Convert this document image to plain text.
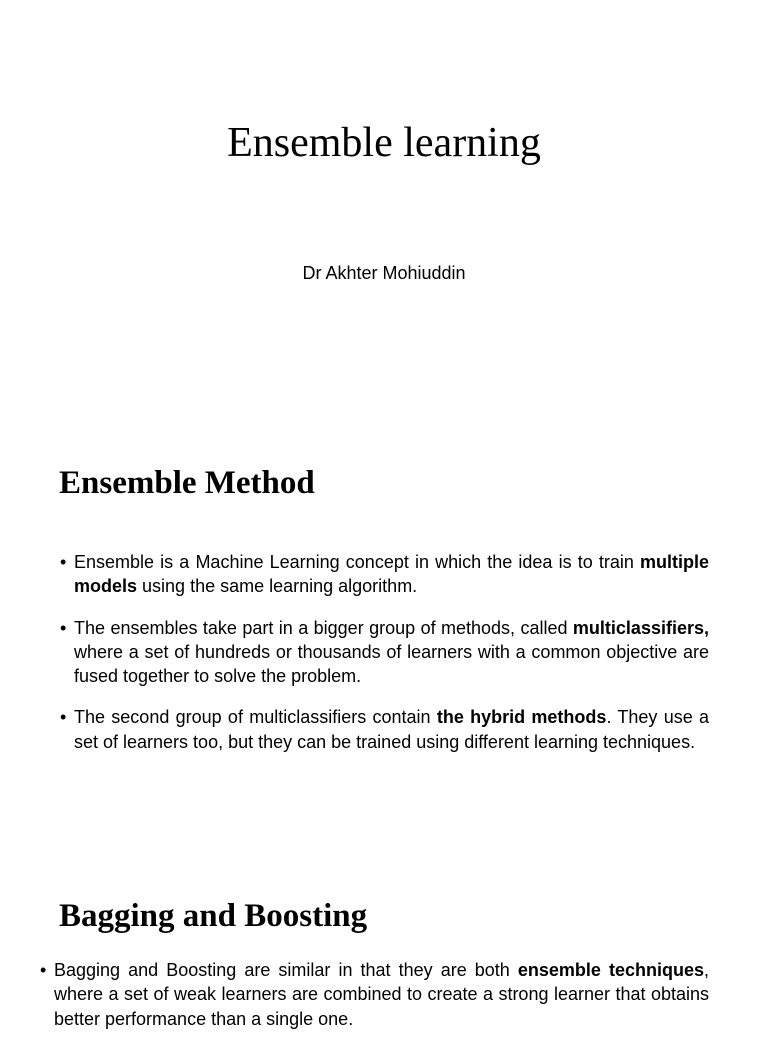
Ensemble learning

Dr Akhter Mohiuddin

Ensemble Method
• Ensemble is a Machine Learning concept in which the idea is to train multiple models using the same learning algorithm.
• The ensembles take part in a bigger group of methods, called multiclassifiers, where a set of hundreds or thousands of learners with a common objective are fused together to solve the problem.
• The second group of multiclassifiers contain the hybrid methods. They use a set of learners too, but they can be trained using different learning techniques.
Bagging and Boosting
• Bagging and Boosting are similar in that they are both ensemble techniques, where a set of weak learners are combined to create a strong learner that obtains better performance than a single one.
